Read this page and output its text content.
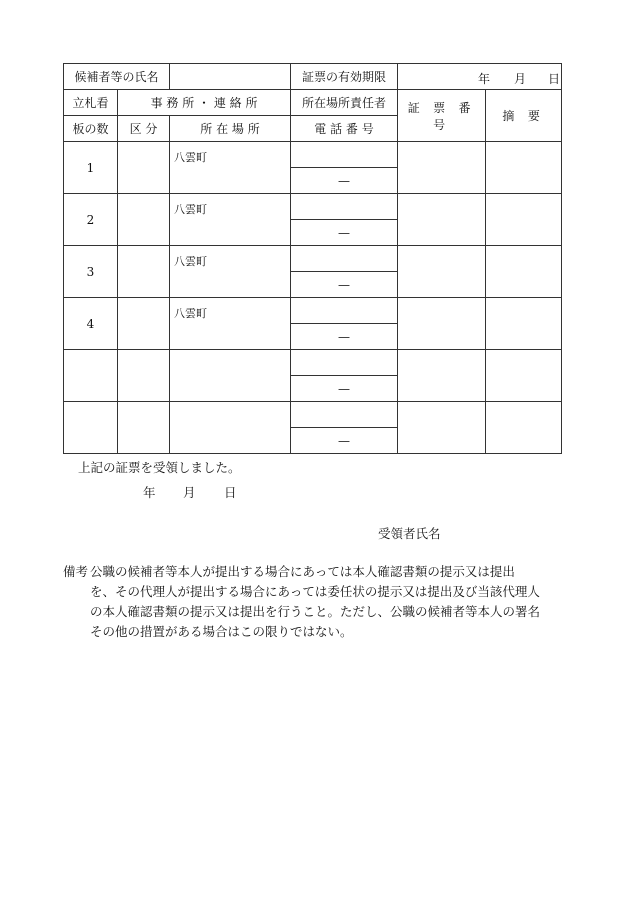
候補者等の氏名			証票の有効期限	年 月 日	

立札看	事 務 所 ・ 連 絡 所		所在場所責任者	証 票 番 号	摘 要
板の数	区 分	所 在 場 所	電 話 番 号		
1		八雲町			
			—		
2		八雲町			
			—		
3		八雲町			
			—		
4		八雲町			
			—		

			—		

			—		
上記の証票を受領しました。
年 月 日
受領者氏名
備考 公職の候補者等本人が提出する場合にあっては本人確認書類の提示又は提出
を、その代理人が提出する場合にあっては委任状の提示又は提出及び当該代理人
の本人確認書類の提示又は提出を行うこと。ただし、公職の候補者等本人の署名
その他の措置がある場合はこの限りではない。
